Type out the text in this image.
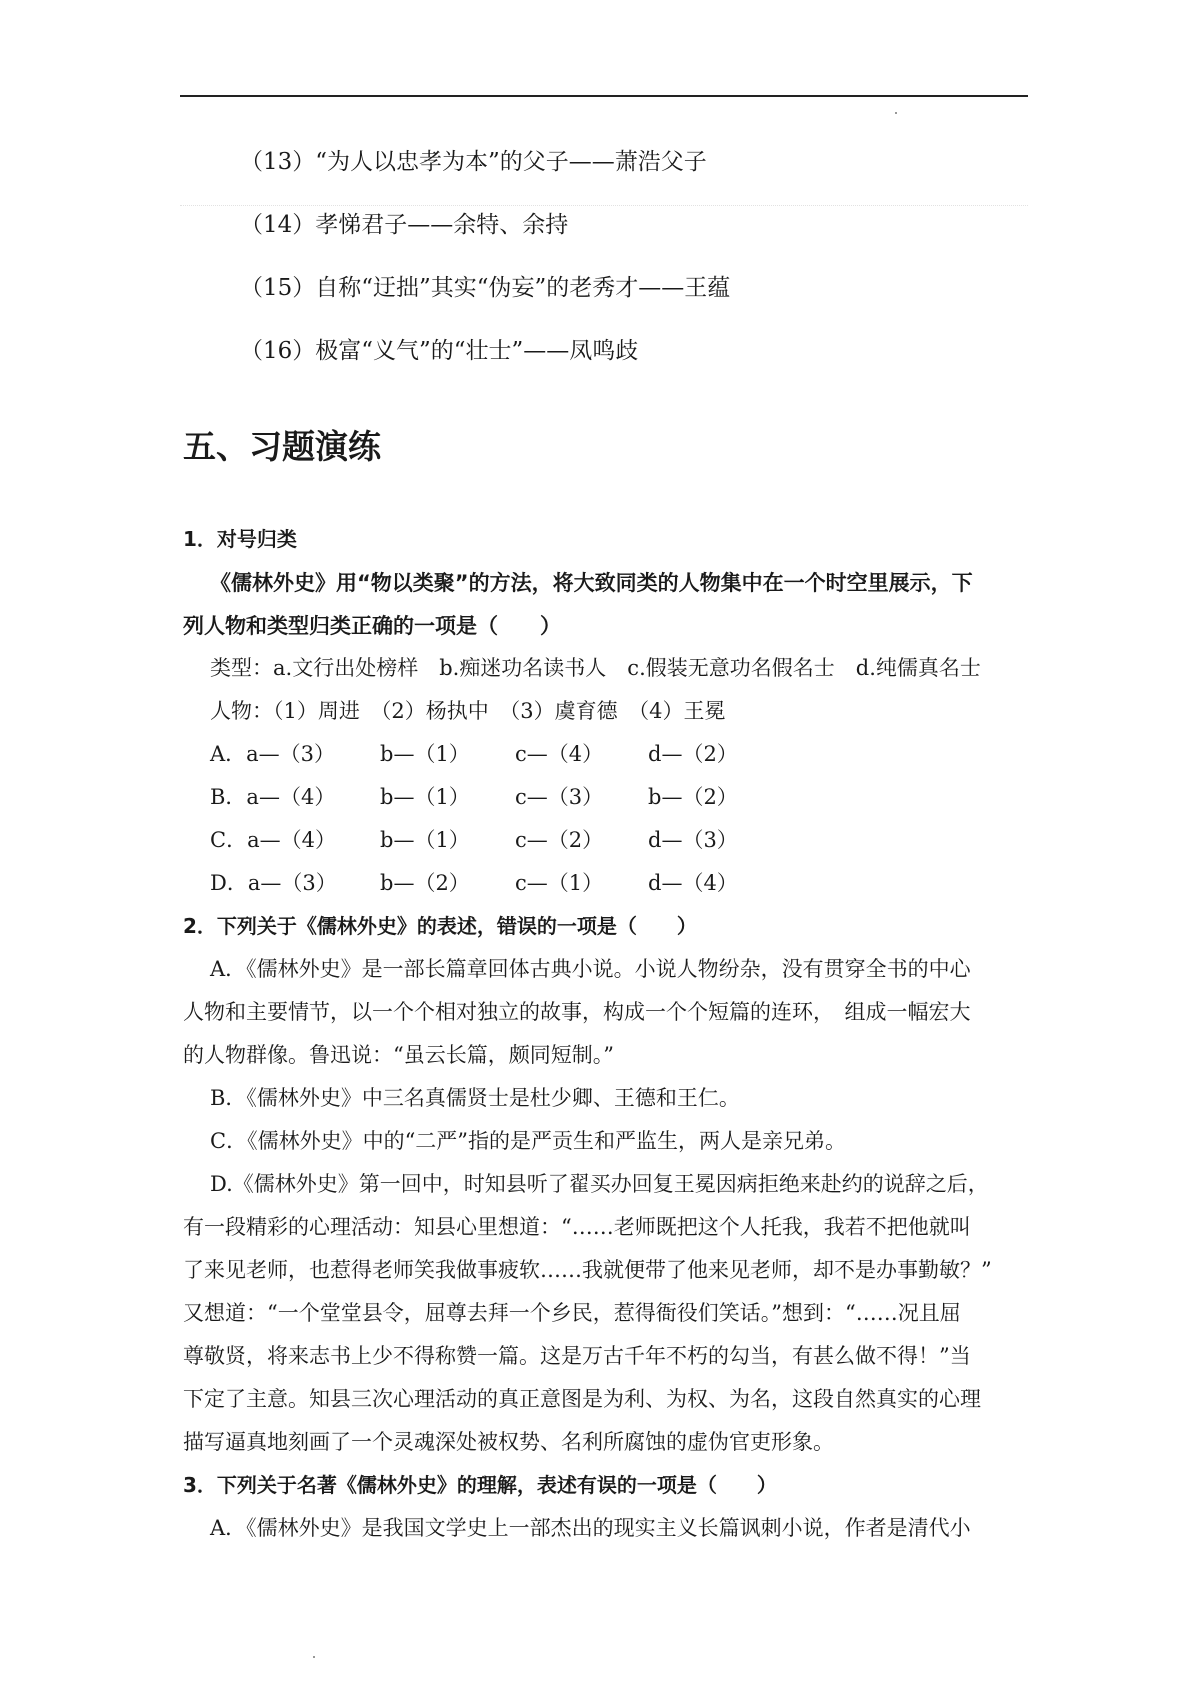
（13）“为人以忠孝为本”的父子——萧浩父子
（14）孝悌君子——余特、余持
（15）自称“迂拙”其实“伪妄”的老秀才——王蕴
（16）极富“义气”的“壮士”——凤鸣歧
五、习题演练
1．对号归类
《儒林外史》用“物以类聚”的方法，将大致同类的人物集中在一个时空里展示，下
列人物和类型归类正确的一项是（　　）
类型：a.文行出处榜样　b.痴迷功名读书人　c.假装无意功名假名士　d.纯儒真名士
人物：（1）周进　（2）杨执中　（3）虞育德　（4）王冕
A．a—（3） b—（1） c—（4） d—（2）
B．a—（4） b—（1） c—（3） b—（2）
C．a—（4） b—（1） c—（2） d—（3）
D．a—（3） b—（2） c—（1） d—（4）
2．下列关于《儒林外史》的表述，错误的一项是（　　）
A．《儒林外史》是一部长篇章回体古典小说。小说人物纷杂，没有贯穿全书的中心
人物和主要情节，以一个个相对独立的故事，构成一个个短篇的连环，　组成一幅宏大
的人物群像。鲁迅说：“虽云长篇，颇同短制。”
B．《儒林外史》中三名真儒贤士是杜少卿、王德和王仁。
C．《儒林外史》中的“二严”指的是严贡生和严监生，两人是亲兄弟。
D.《儒林外史》第一回中，时知县听了翟买办回复王冕因病拒绝来赴约的说辞之后，
有一段精彩的心理活动：知县心里想道：“……老师既把这个人托我，我若不把他就叫
了来见老师，也惹得老师笑我做事疲软……我就便带了他来见老师，却不是办事勤敏？”
又想道：“一个堂堂县令，屈尊去拜一个乡民，惹得衙役们笑话。”想到：“……况且屈
尊敬贤，将来志书上少不得称赞一篇。这是万古千年不朽的勾当，有甚么做不得！”当
下定了主意。知县三次心理活动的真正意图是为利、为权、为名，这段自然真实的心理
描写逼真地刻画了一个灵魂深处被权势、名利所腐蚀的虚伪官吏形象。
3．下列关于名著《儒林外史》的理解，表述有误的一项是（　　）
A．《儒林外史》是我国文学史上一部杰出的现实主义长篇讽刺小说，作者是清代小
